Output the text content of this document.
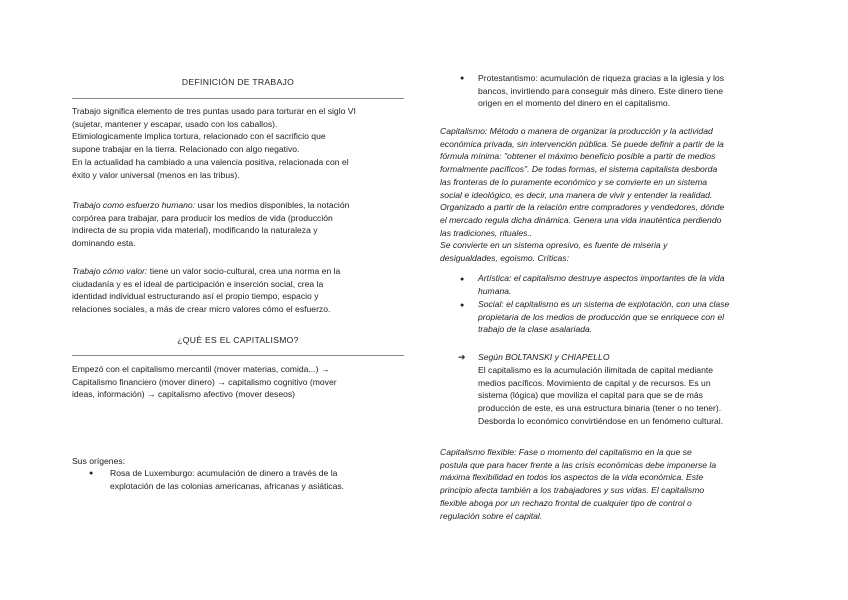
DEFINICIÓN DE TRABAJO

Trabajo significa elemento de tres puntas usado para torturar en el siglo VI
(sujetar, mantener y escapar, usado con los caballos).
Etimiologicamente implica tortura, relacionado con el sacrificio que
supone trabajar en la tierra. Relacionado con algo negativo.
En la actualidad ha cambiado a una valencia positiva, relacionada con el
éxito y valor universal (menos en las tribus).
Trabajo como esfuerzo humano: usar los medios disponibles, la notación
corpórea para trabajar, para producir los medios de vida (producción
indirecta de su propia vida material), modificando la naturaleza y
dominando esta.
Trabajo cómo valor: tiene un valor socio-cultural, crea una norma en la
ciudadanía y es el ideal de participación e inserción social, crea la
identidad individual estructurando así el propio tiempo, espacio y
relaciones sociales, a más de crear micro valores cómo el esfuerzo.

¿QUÉ ES EL CAPITALISMO?

Empezó con el capitalismo mercantil (mover materias, comida...) →
Capitalismo financiero (mover dinero) → capitalismo cognitivo (mover
ideas, información) → capitalismo afectivo (mover deseos)

Sus orígenes:

● Rosa de Luxemburgo: acumulación de dinero a través de la
explotación de las colonias americanas, africanas y asiáticas.
● Protestantismo: acumulación de riqueza gracias a la iglesia y los
bancos, invirtiendo para conseguir más dinero. Este dinero tiene
origen en el momento del dinero en el capitalismo.
Capitalismo: Método o manera de organizar la producción y la actividad
económica privada, sin intervención pública. Se puede definir a partir de la
fórmula mínima: "obtener el máximo beneficio posible a partir de medios
formalmente pacíficos". De todas formas, el sistema capitalista desborda
las fronteras de lo puramente económico y se convierte en un sistema
social e ideológico, es decir, una manera de vivir y entender la realidad.
Organizado a partir de la relación entre compradores y vendedores, dónde
el mercado regula dicha dinámica. Genera una vida inauténtica perdiendo
las tradiciones, rituales..
Se convierte en un sistema opresivo, es fuente de miseria y
desigualdades, egoismo. Críticas:
● Artística: el capitalismo destruye aspectos importantes de la vida
humana.
● Social: el capitalismo es un sistema de explotación, con una clase
propietaria de los medios de producción que se enriquece con el
trabajo de la clase asalariada.
➔ Según BOLTANSKI y CHIAPELLO

El capitalismo es la acumulación ilimitada de capital mediante
medios pacíficos. Movimiento de capital y de recursos. Es un
sistema (lógica) que moviliza el capital para que se de más
producción de este, es una estructura binaria (tener o no tener).
Desborda lo económico convirtiéndose en un fenómeno cultural.
Capitalismo flexible: Fase o momento del capitalismo en la que se
postula que para hacer frente a las crisis económicas debe imponerse la
máxima flexibilidad en todos los aspectos de la vida económica. Este
principio afecta también a los trabajadores y sus vidas. El capitalismo
flexible aboga por un rechazo frontal de cualquier tipo de control o
regulación sobre el capital.
